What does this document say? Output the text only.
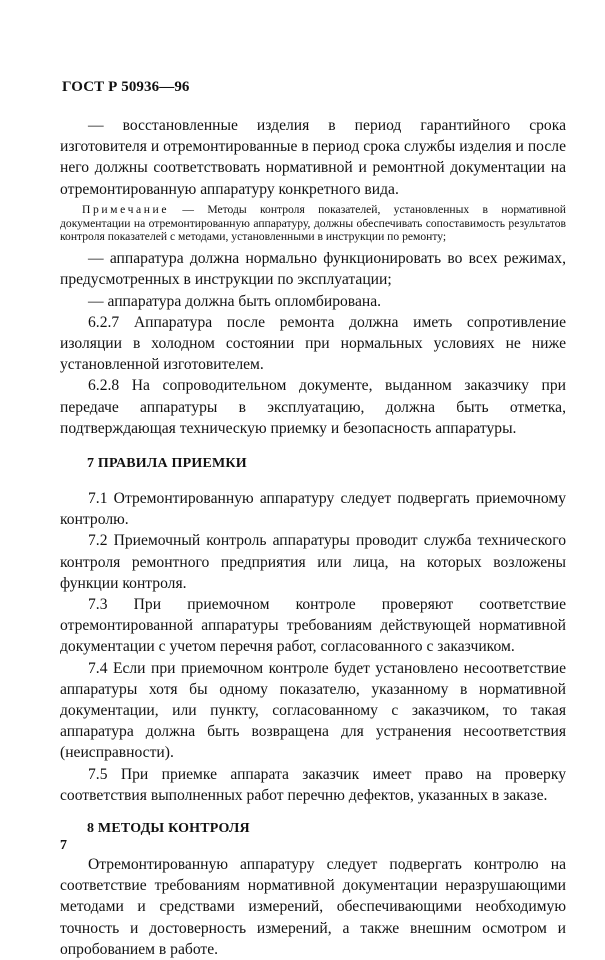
ГОСТ Р 50936—96

— восстановленные изделия в период гарантийного срока изготовителя и отремонтированные в период срока службы изделия и после него должны соответствовать нормативной и ремонтной документации на отремонтированную аппаратуру конкретного вида.

Примечание — Методы контроля показателей, установленных в нормативной документации на отремонтированную аппаратуру, должны обеспечивать сопоставимость результатов контроля показателей с методами, установленными в инструкции по ремонту;

— аппаратура должна нормально функционировать во всех режимах, предусмотренных в инструкции по эксплуатации;

— аппаратура должна быть опломбирована.

6.2.7 Аппаратура после ремонта должна иметь сопротивление изоляции в холодном состоянии при нормальных условиях не ниже установленной изготовителем.

6.2.8 На сопроводительном документе, выданном заказчику при передаче аппаратуры в эксплуатацию, должна быть отметка, подтверждающая техническую приемку и безопасность аппаратуры.

7 ПРАВИЛА ПРИЕМКИ

7.1 Отремонтированную аппаратуру следует подвергать приемочному контролю.

7.2 Приемочный контроль аппаратуры проводит служба технического контроля ремонтного предприятия или лица, на которых возложены функции контроля.

7.3 При приемочном контроле проверяют соответствие отремонтированной аппаратуры требованиям действующей нормативной документации с учетом перечня работ, согласованного с заказчиком.

7.4 Если при приемочном контроле будет установлено несоответствие аппаратуры хотя бы одному показателю, указанному в нормативной документации, или пункту, согласованному с заказчиком, то такая аппаратура должна быть возвращена для устранения несоответствия (неисправности).

7.5 При приемке аппарата заказчик имеет право на проверку соответствия выполненных работ перечню дефектов, указанных в заказе.

8 МЕТОДЫ КОНТРОЛЯ

Отремонтированную аппаратуру следует подвергать контролю на соответствие требованиям нормативной документации неразрушающими методами и средствами измерений, обеспечивающими необходимую точность и достоверность измерений, а также внешним осмотром и опробованием в работе.

7
